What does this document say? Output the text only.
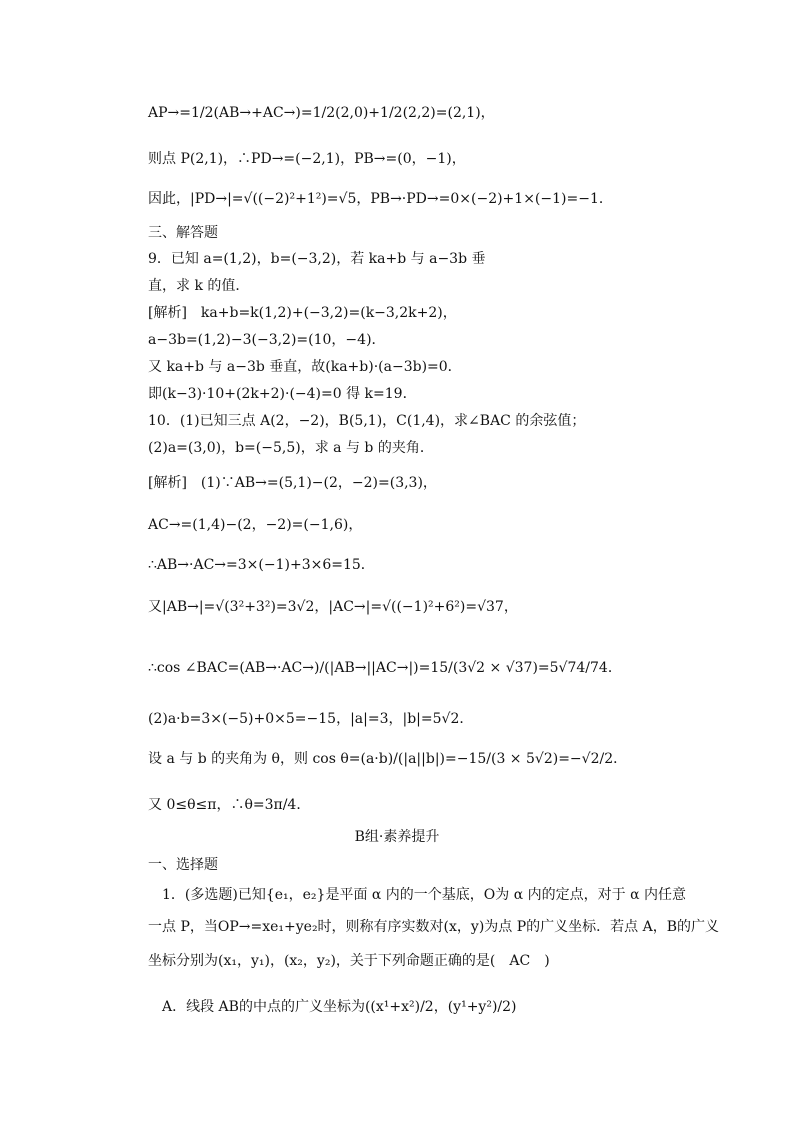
AP→=1/2(AB→+AC→)=1/2(2,0)+1/2(2,2)=(2,1)，
则点 P(2,1)，∴PD→=(−2,1)，PB→=(0，−1)，
因此，|PD→|=√((−2)²+1²)=√5，PB→·PD→=0×(−2)+1×(−1)=−1．
三、解答题
9．已知 a=(1,2)，b=(−3,2)，若 ka+b 与 a−3b 垂
直，求 k 的值．
[解析]　ka+b=k(1,2)+(−3,2)=(k−3,2k+2)，
a−3b=(1,2)−3(−3,2)=(10，−4)．
又 ka+b 与 a−3b 垂直，故(ka+b)·(a−3b)=0．
即(k−3)·10+(2k+2)·(−4)=0 得 k=19．
10．(1)已知三点 A(2，−2)，B(5,1)，C(1,4)，求∠BAC 的余弦值；
(2)a=(3,0)，b=(−5,5)，求 a 与 b 的夹角．
[解析]　(1)∵AB→=(5,1)−(2，−2)=(3,3)，
AC→=(1,4)−(2，−2)=(−1,6)，
∴AB→·AC→=3×(−1)+3×6=15．
又|AB→|=√(3²+3²)=3√2，|AC→|=√((−1)²+6²)=√37，
∴cos ∠BAC=(AB→·AC→)/(|AB→||AC→|)=15/(3√2 × √37)=5√74/74．
(2)a·b=3×(−5)+0×5=−15，|a|=3，|b|=5√2．
设 a 与 b 的夹角为 θ，则 cos θ=(a·b)/(|a||b|)=−15/(3 × 5√2)=−√2/2．
又 0≤θ≤π，∴θ=3π/4．
B组·素养提升
一、选择题
1．(多选题)已知{e₁，e₂}是平面 α 内的一个基底，O为 α 内的定点，对于 α 内任意
一点 P，当OP→=xe₁+ye₂时，则称有序实数对(x，y)为点 P的广义坐标．若点 A，B的广义
坐标分别为(x₁，y₁)，(x₂，y₂)，关于下列命题正确的是(　AC　)
A．线段 AB的中点的广义坐标为((x¹+x²)/2，(y¹+y²)/2)
